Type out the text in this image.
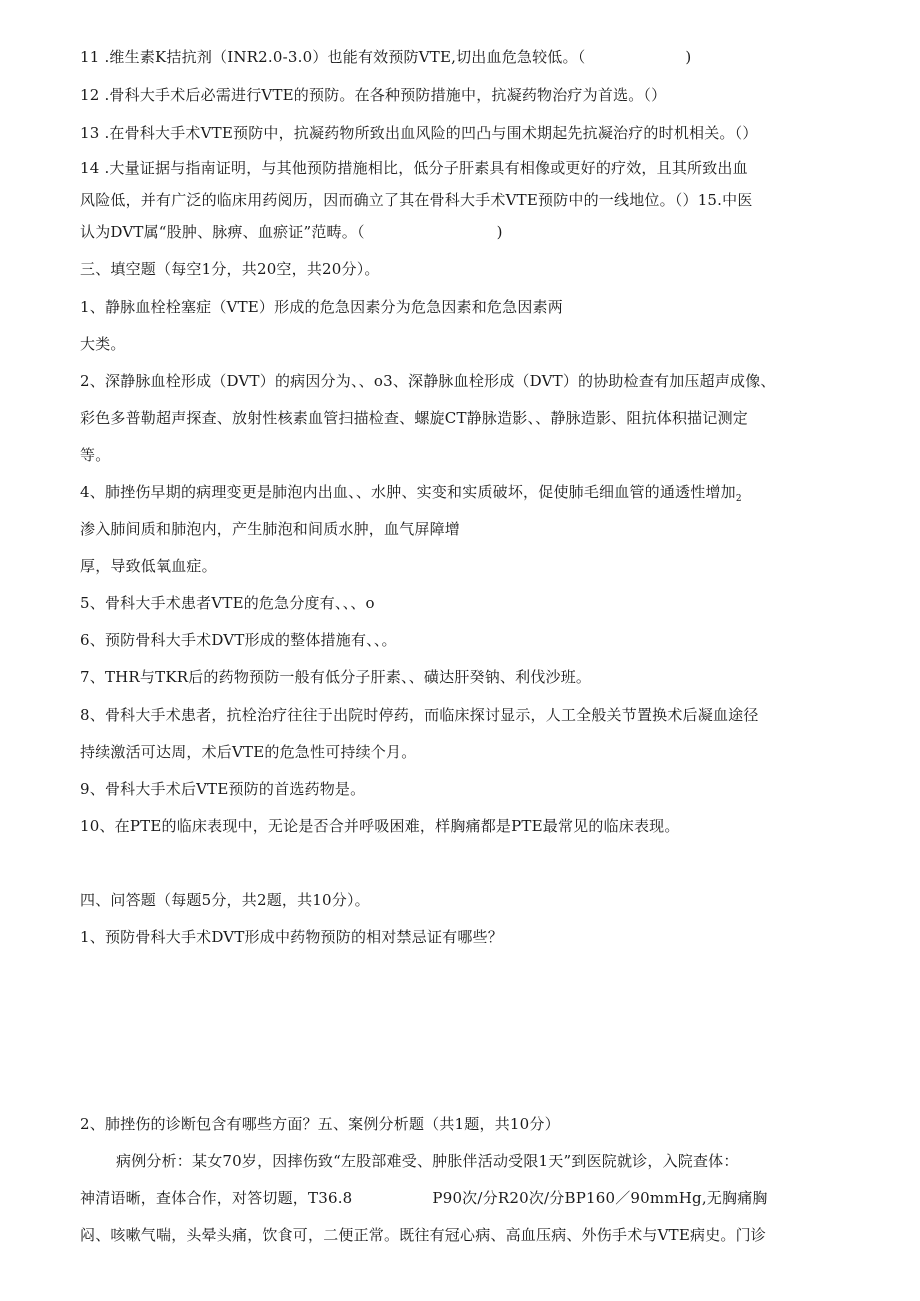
11 .维生素K拮抗剂（INR2.0-3.0）也能有效预防VTE,切出血危急较低。（	)
12 .骨科大手术后必需进行VTE的预防。在各种预防措施中，抗凝药物治疗为首选。（）
13 .在骨科大手术VTE预防中，抗凝药物所致出血风险的凹凸与围术期起先抗凝治疗的时机相关。（）
14 .大量证据与指南证明，与其他预防措施相比，低分子肝素具有相像或更好的疗效，且其所致出血
风险低，并有广泛的临床用药阅历，因而确立了其在骨科大手术VTE预防中的一线地位。（）15.中医
认为DVT属“股肿、脉痹、血瘀证”范畴。（	)
三、填空题（每空1分，共20空，共20分）。
1、静脉血栓栓塞症（VTE）形成的危急因素分为危急因素和危急因素两
大类。
2、深静脉血栓形成（DVT）的病因分为、、o3、深静脉血栓形成（DVT）的协助检查有加压超声成像、
彩色多普勒超声探查、放射性核素血管扫描检查、螺旋CT静脉造影、、静脉造影、阻抗体积描记测定
等。
4、肺挫伤早期的病理变更是肺泡内出血、、水肿、实变和实质破坏，促使肺毛细血管的通透性增加$_2$
渗入肺间质和肺泡内，产生肺泡和间质水肿，血气屏障增
厚，导致低氧血症。
5、骨科大手术患者VTE的危急分度有、、、o
6、预防骨科大手术DVT形成的整体措施有、、。
7、THR与TKR后的药物预防一般有低分子肝素、、磺达肝癸钠、利伐沙班。
8、骨科大手术患者，抗栓治疗往往于出院时停药，而临床探讨显示，人工全般关节置换术后凝血途径
持续激活可达周，术后VTE的危急性可持续个月。
9、骨科大手术后VTE预防的首选药物是。
10、在PTE的临床表现中，无论是否合并呼吸困难，样胸痛都是PTE最常见的临床表现。
四、问答题（每题5分，共2题，共10分）。
1、预防骨科大手术DVT形成中药物预防的相对禁忌证有哪些？
2、肺挫伤的诊断包含有哪些方面？五、案例分析题（共1题，共10分）
病例分析：某女70岁，因摔伤致“左股部难受、肿胀伴活动受限1天”到医院就诊，入院查体：
神清语晰，查体合作，对答切题，T36.8	P90次/分R20次/分BP160／90mmHg,无胸痛胸
闷、咳嗽气喘，头晕头痛，饮食可，二便正常。既往有冠心病、高血压病、外伤手术与VTE病史。门诊
